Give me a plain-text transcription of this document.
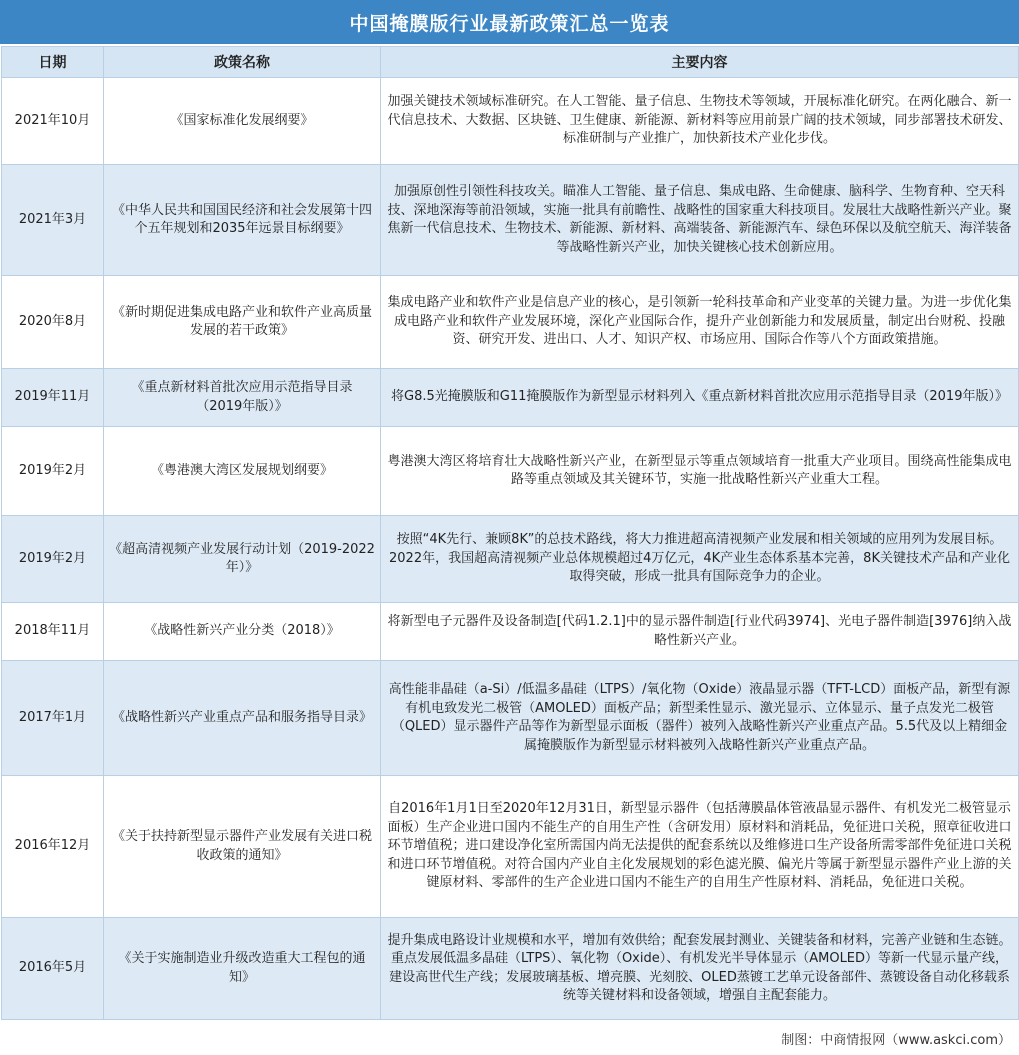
中国掩膜版行业最新政策汇总一览表
日期	政策名称	主要内容
2021年10月	《国家标准化发展纲要》	加强关键技术领域标准研究。在人工智能、量子信息、生物技术等领域，开展标准化研究。在两化融合、新一代信息技术、大数据、区块链、卫生健康、新能源、新材料等应用前景广阔的技术领域，同步部署技术研发、标准研制与产业推广，加快新技术产业化步伐。
2021年3月	《中华人民共和国国民经济和社会发展第十四个五年规划和2035年远景目标纲要》	加强原创性引领性科技攻关。瞄准人工智能、量子信息、集成电路、生命健康、脑科学、生物育种、空天科技、深地深海等前沿领域，实施一批具有前瞻性、战略性的国家重大科技项目。发展壮大战略性新兴产业。聚焦新一代信息技术、生物技术、新能源、新材料、高端装备、新能源汽车、绿色环保以及航空航天、海洋装备等战略性新兴产业，加快关键核心技术创新应用。
2020年8月	《新时期促进集成电路产业和软件产业高质量发展的若干政策》	集成电路产业和软件产业是信息产业的核心，是引领新一轮科技革命和产业变革的关键力量。为进一步优化集成电路产业和软件产业发展环境，深化产业国际合作，提升产业创新能力和发展质量，制定出台财税、投融资、研究开发、进出口、人才、知识产权、市场应用、国际合作等八个方面政策措施。
2019年11月	《重点新材料首批次应用示范指导目录（2019年版）》	将G8.5光掩膜版和G11掩膜版作为新型显示材料列入《重点新材料首批次应用示范指导目录（2019年版）》
2019年2月	《粤港澳大湾区发展规划纲要》	粤港澳大湾区将培育壮大战略性新兴产业，在新型显示等重点领域培育一批重大产业项目。围绕高性能集成电路等重点领域及其关键环节，实施一批战略性新兴产业重大工程。
2019年2月	《超高清视频产业发展行动计划（2019-2022年）》	按照“4K先行、兼顾8K”的总技术路线，将大力推进超高清视频产业发展和相关领域的应用列为发展目标。2022年，我国超高清视频产业总体规模超过4万亿元，4K产业生态体系基本完善，8K关键技术产品和产业化取得突破，形成一批具有国际竞争力的企业。
2018年11月	《战略性新兴产业分类（2018）》	将新型电子元器件及设备制造[代码1.2.1]中的显示器件制造[行业代码3974]、光电子器件制造[3976]纳入战略性新兴产业。
2017年1月	《战略性新兴产业重点产品和服务指导目录》	高性能非晶硅（a-Si）/低温多晶硅（LTPS）/氧化物（Oxide）液晶显示器（TFT-LCD）面板产品，新型有源有机电致发光二极管（AMOLED）面板产品；新型柔性显示、激光显示、立体显示、量子点发光二极管（QLED）显示器件产品等作为新型显示面板（器件）被列入战略性新兴产业重点产品。5.5代及以上精细金属掩膜版作为新型显示材料被列入战略性新兴产业重点产品。
2016年12月	《关于扶持新型显示器件产业发展有关进口税收政策的通知》	自2016年1月1日至2020年12月31日，新型显示器件（包括薄膜晶体管液晶显示器件、有机发光二极管显示面板）生产企业进口国内不能生产的自用生产性（含研发用）原材料和消耗品，免征进口关税，照章征收进口环节增值税；进口建设净化室所需国内尚无法提供的配套系统以及维修进口生产设备所需零部件免征进口关税和进口环节增值税。对符合国内产业自主化发展规划的彩色滤光膜、偏光片等属于新型显示器件产业上游的关键原材料、零部件的生产企业进口国内不能生产的自用生产性原材料、消耗品，免征进口关税。
2016年5月	《关于实施制造业升级改造重大工程包的通知》	提升集成电路设计业规模和水平，增加有效供给；配套发展封测业、关键装备和材料，完善产业链和生态链。重点发展低温多晶硅（LTPS）、氧化物（Oxide）、有机发光半导体显示（AMOLED）等新一代显示量产线，建设高世代生产线；发展玻璃基板、增亮膜、光刻胶、OLED蒸镀工艺单元设备部件、蒸镀设备自动化移载系统等关键材料和设备领域，增强自主配套能力。
制图：中商情报网（www.askci.com）
